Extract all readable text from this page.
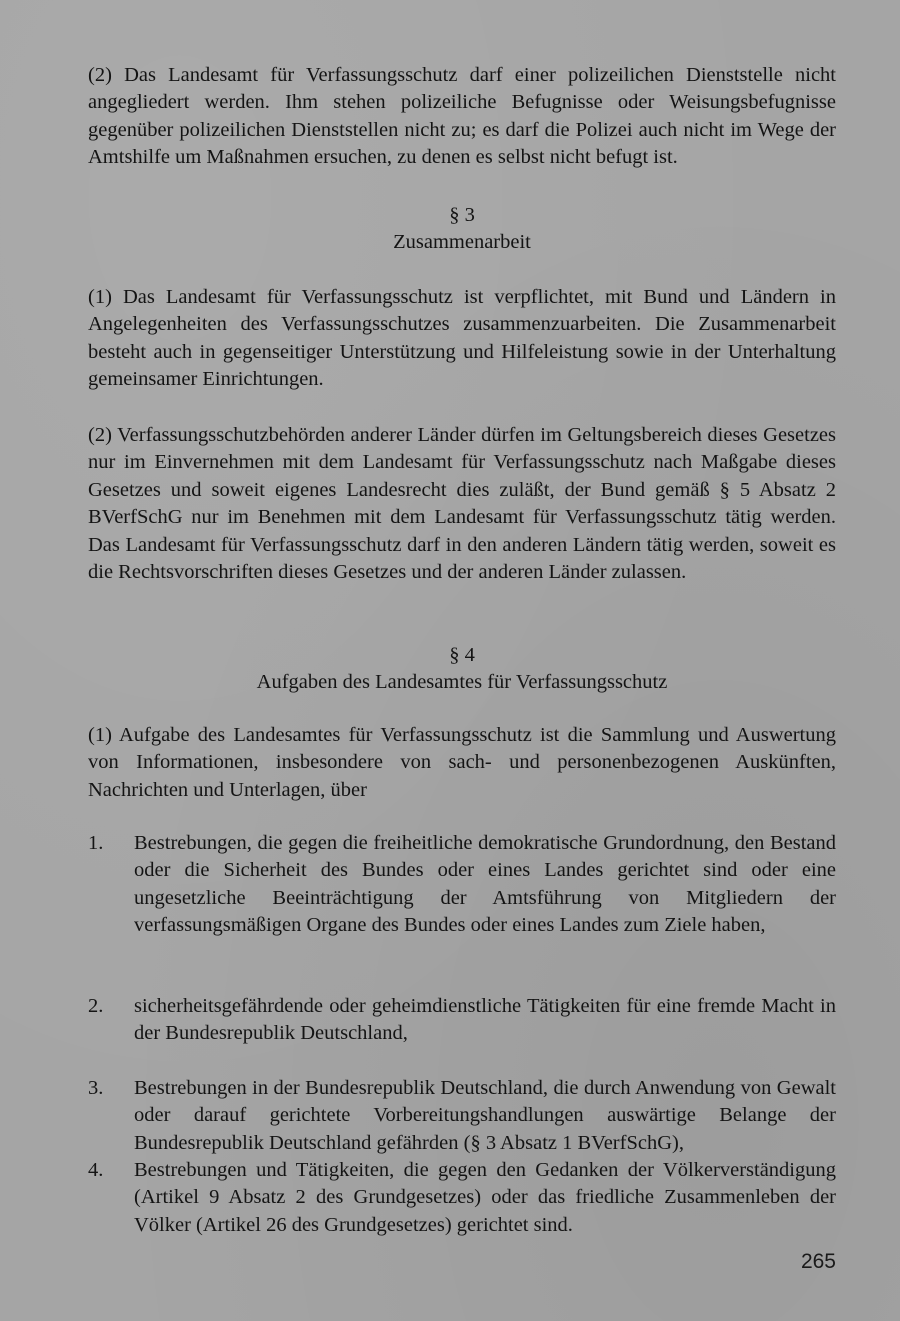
(2) Das Landesamt für Verfassungsschutz darf einer polizeilichen Dienststelle nicht angegliedert werden. Ihm stehen polizeiliche Befugnisse oder Weisungsbefugnisse gegenüber polizeilichen Dienststellen nicht zu; es darf die Polizei auch nicht im Wege der Amtshilfe um Maßnahmen ersuchen, zu denen es selbst nicht befugt ist.
§ 3
Zusammenarbeit
(1) Das Landesamt für Verfassungsschutz ist verpflichtet, mit Bund und Ländern in Angelegenheiten des Verfassungsschutzes zusammenzuarbeiten. Die Zusammenarbeit besteht auch in gegenseitiger Unterstützung und Hilfeleistung sowie in der Unterhaltung gemeinsamer Einrichtungen.
(2) Verfassungsschutzbehörden anderer Länder dürfen im Geltungsbereich dieses Gesetzes nur im Einvernehmen mit dem Landesamt für Verfassungsschutz nach Maßgabe dieses Gesetzes und soweit eigenes Landesrecht dies zuläßt, der Bund gemäß § 5 Absatz 2 BVerfSchG nur im Benehmen mit dem Landesamt für Verfassungsschutz tätig werden. Das Landesamt für Verfassungsschutz darf in den anderen Ländern tätig werden, soweit es die Rechtsvorschriften dieses Gesetzes und der anderen Länder zulassen.
§ 4
Aufgaben des Landesamtes für Verfassungsschutz
(1) Aufgabe des Landesamtes für Verfassungsschutz ist die Sammlung und Auswertung von Informationen, insbesondere von sach- und personenbezogenen Auskünften, Nachrichten und Unterlagen, über
1.	Bestrebungen, die gegen die freiheitliche demokratische Grundordnung, den Bestand oder die Sicherheit des Bundes oder eines Landes gerichtet sind oder eine ungesetzliche Beeinträchtigung der Amtsführung von Mitgliedern der verfassungsmäßigen Organe des Bundes oder eines Landes zum Ziele haben,
2.	sicherheitsgefährdende oder geheimdienstliche Tätigkeiten für eine fremde Macht in der Bundesrepublik Deutschland,
3.	Bestrebungen in der Bundesrepublik Deutschland, die durch Anwendung von Gewalt oder darauf gerichtete Vorbereitungshandlungen auswärtige Belange der Bundesrepublik Deutschland gefährden (§ 3 Absatz 1 BVerfSchG),
4.	Bestrebungen und Tätigkeiten, die gegen den Gedanken der Völkerverständigung (Artikel 9 Absatz 2 des Grundgesetzes) oder das friedliche Zusammenleben der Völker (Artikel 26 des Grundgesetzes) gerichtet sind.
265
